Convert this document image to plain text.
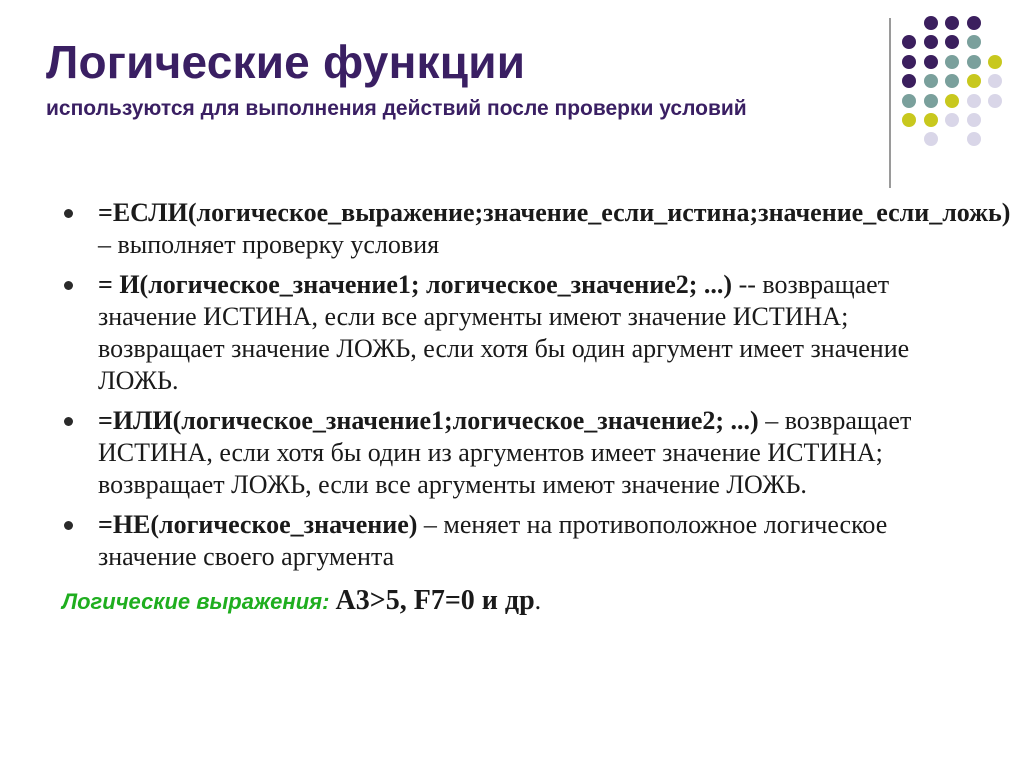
Логические функции

используются для выполнения действий после проверки условий

=ЕСЛИ(логическое_выражение;значение_если_истина;значение_если_ложь) – выполняет проверку условия
= И(логическое_значение1; логическое_значение2; ...) -- возвращает значение ИСТИНА, если все аргументы имеют значение ИСТИНА; возвращает значение ЛОЖЬ, если хотя бы один аргумент имеет значение ЛОЖЬ.
=ИЛИ(логическое_значение1;логическое_значение2; ...) – возвращает ИСТИНА, если хотя бы один из аргументов имеет значение ИСТИНА; возвращает ЛОЖЬ, если все аргументы имеют значение ЛОЖЬ.
=НЕ(логическое_значение) – меняет на противоположное логическое значение своего аргумента
Логические выражения: А3>5, F7=0 и др.
